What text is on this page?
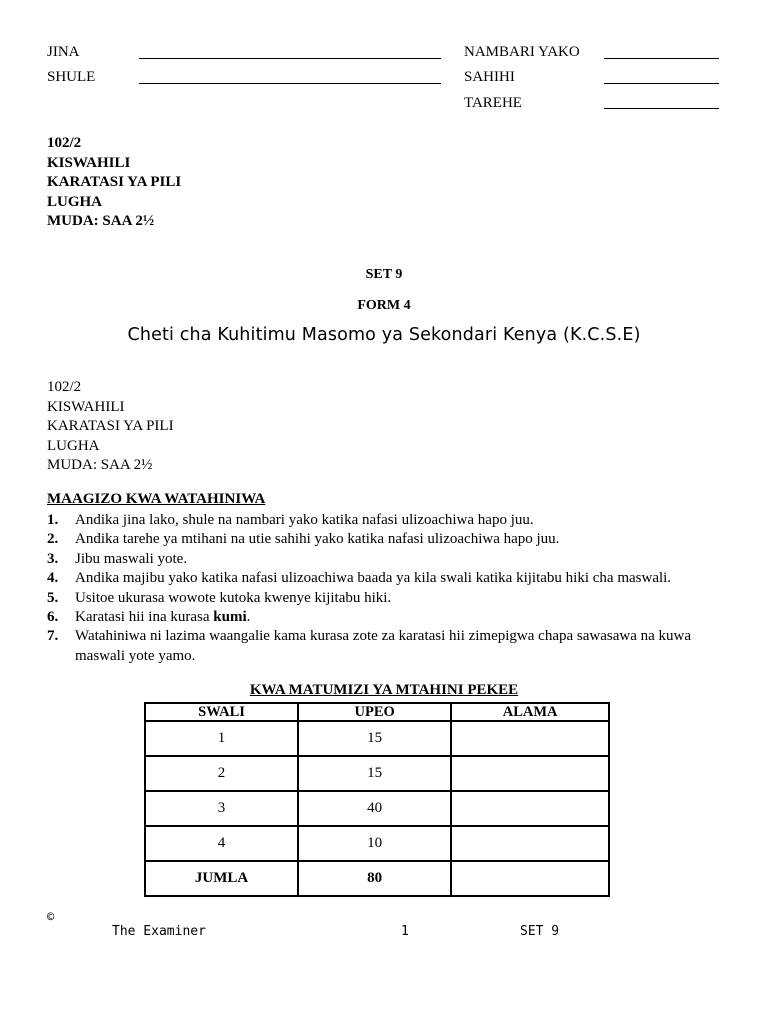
JINA
SHULE
NAMBARI YAKO
SAHIHI
TAREHE
102/2
KISWAHILI
KARATASI YA PILI
LUGHA
MUDA: SAA 2½
SET 9
FORM 4
Cheti cha Kuhitimu Masomo ya Sekondari Kenya (K.C.S.E)
102/2
KISWAHILI
KARATASI YA PILI
LUGHA
MUDA: SAA 2½
MAAGIZO KWA WATAHINIWA
1.	Andika jina lako, shule na nambari yako katika nafasi ulizoachiwa hapo juu.
2.	Andika tarehe ya mtihani na utie sahihi yako katika nafasi ulizoachiwa hapo juu.
3.	Jibu maswali yote.
4.	Andika majibu yako katika nafasi ulizoachiwa baada ya kila swali katika kijitabu hiki cha maswali.
5.	Usitoe ukurasa wowote kutoka kwenye kijitabu hiki.
6.	Karatasi hii ina kurasa kumi.
7.	Watahiniwa ni lazima waangalie kama kurasa zote za karatasi hii zimepigwa chapa sawasawa na kuwa maswali yote yamo.
KWA MATUMIZI YA MTAHINI PEKEE
SWALI	UPEO	ALAMA
1	15	
2	15	
3	40	
4	10	
JUMLA	80	
©
The Examiner	1	SET 9
